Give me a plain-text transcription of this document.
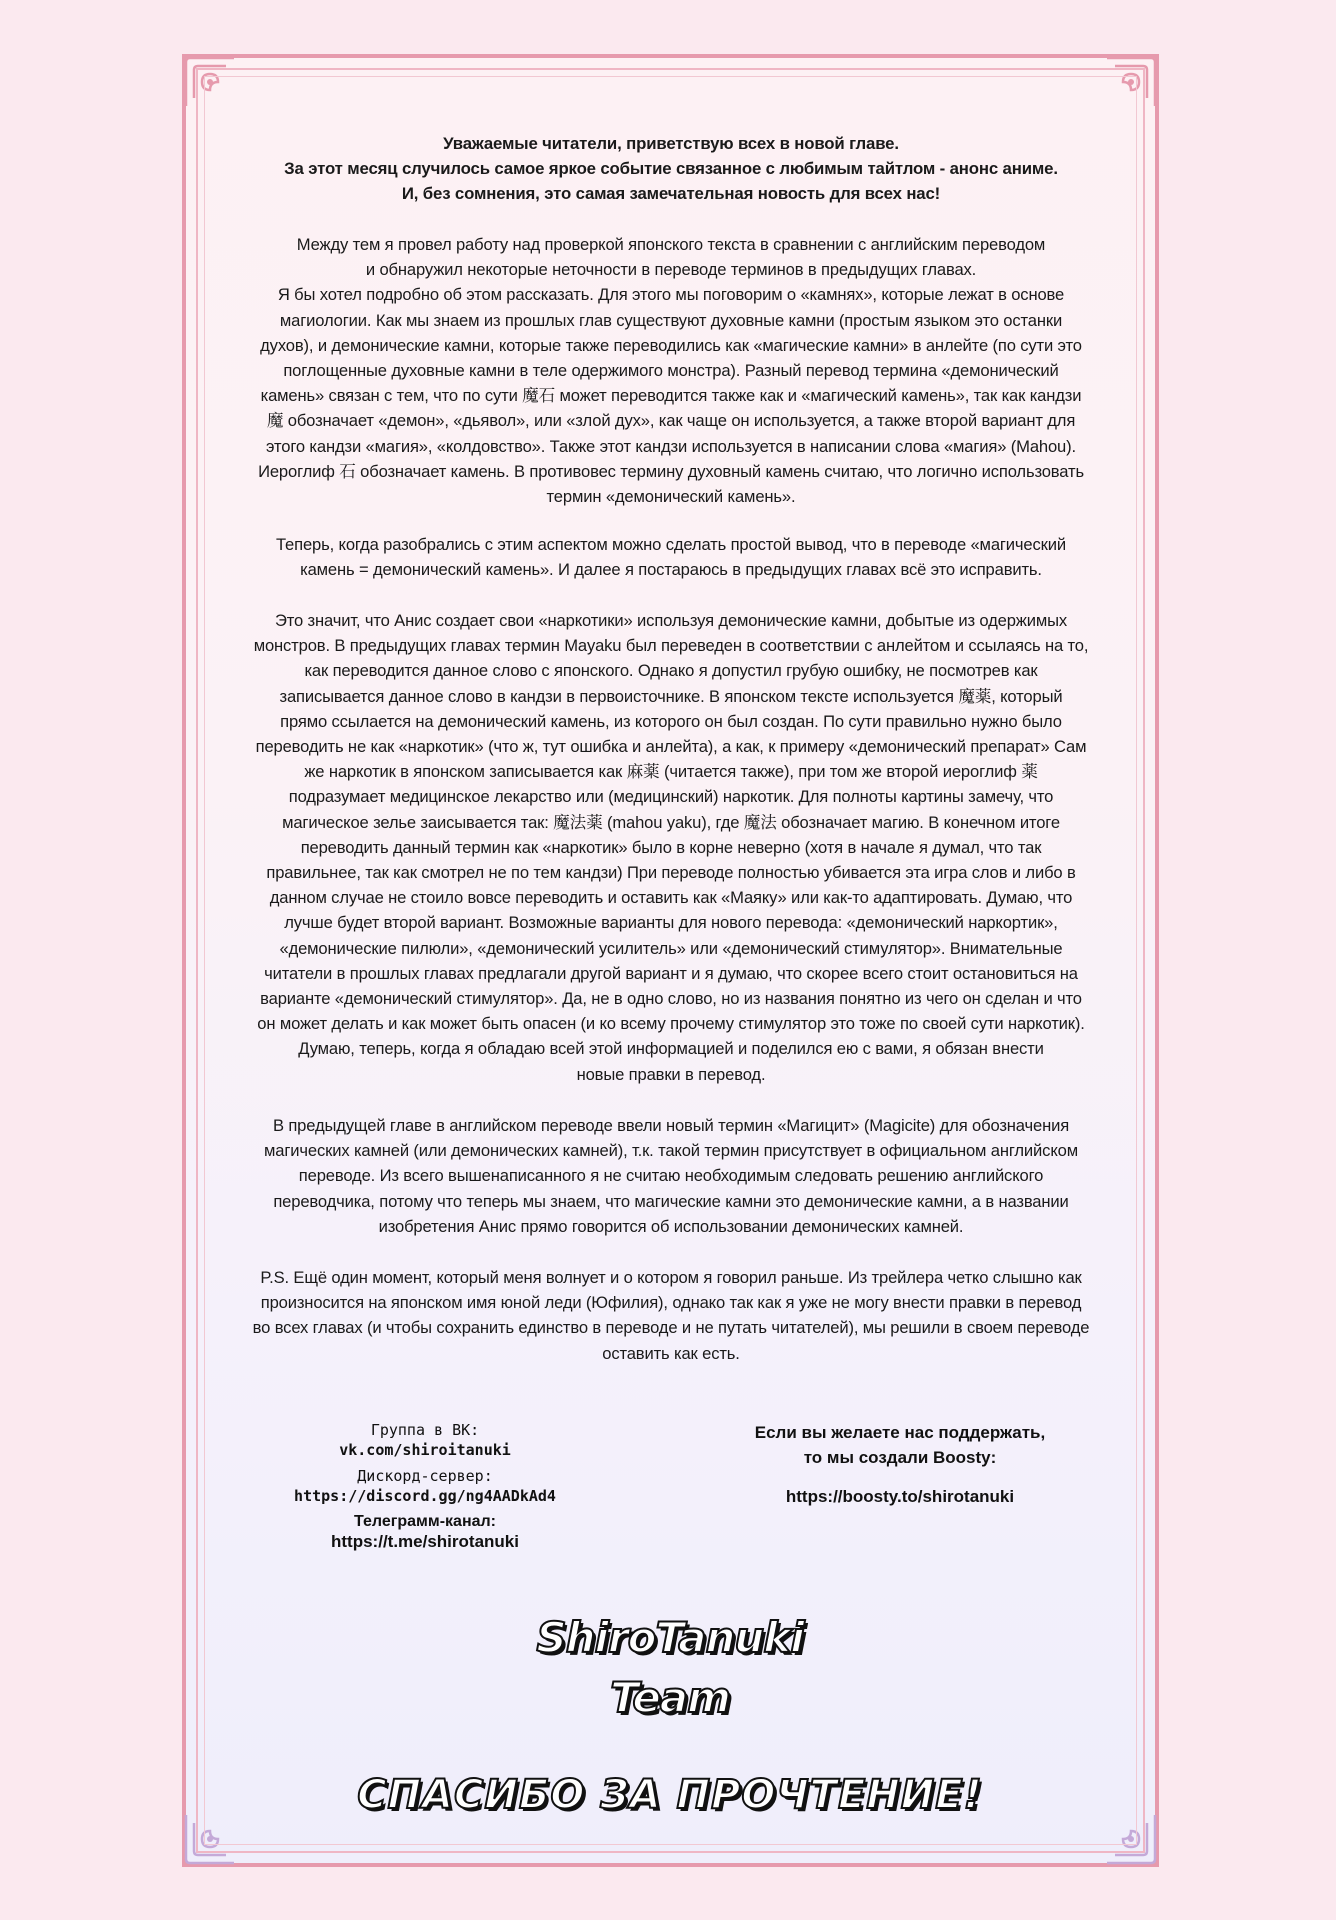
Уважаемые читатели, приветствую всех в новой главе.
За этот месяц случилось самое яркое событие связанное с любимым тайтлом - анонс аниме.
И, без сомнения, это самая замечательная новость для всех нас!
Между тем я провел работу над проверкой японского текста в сравнении с английским переводом
и обнаружил некоторые неточности в переводе терминов в предыдущих главах.
Я бы хотел подробно об этом рассказать. Для этого мы поговорим о «камнях», которые лежат в основе
магиологии. Как мы знаем из прошлых глав существуют духовные камни (простым языком это останки
духов), и демонические камни, которые также переводились как «магические камни» в анлейте (по сути это
поглощенные духовные камни в теле одержимого монстра). Разный перевод термина «демонический
камень» связан с тем, что по сути 魔石 может переводится также как и «магический камень», так как кандзи
魔 обозначает «демон», «дьявол», или «злой дух», как чаще он используется, а также второй вариант для
этого кандзи «магия», «колдовство». Также этот кандзи используется в написании слова «магия» (Mahou).
Иероглиф 石 обозначает камень. В противовес термину духовный камень считаю, что логично использовать
термин «демонический камень».
Теперь, когда разобрались с этим аспектом можно сделать простой вывод, что в переводе «магический
камень = демонический камень». И далее я постараюсь в предыдущих главах всё это исправить.
Это значит, что Анис создает свои «наркотики» используя демонические камни, добытые из одержимых
монстров. В предыдущих главах термин Mayaku был переведен в соответствии с анлейтом и ссылаясь на то,
как переводится данное слово с японского. Однако я допустил грубую ошибку, не посмотрев как
записывается данное слово в кандзи в первоисточнике. В японском тексте используется 魔薬, который
прямо ссылается на демонический камень, из которого он был создан. По сути правильно нужно было
переводить не как «наркотик» (что ж, тут ошибка и анлейта), а как, к примеру «демонический препарат» Сам
же наркотик в японском записывается как 麻薬 (читается также), при том же второй иероглиф 薬
подразумает медицинское лекарство или (медицинский) наркотик. Для полноты картины замечу, что
магическое зелье заисывается так: 魔法薬 (mahou yaku), где 魔法 обозначает магию. В конечном итоге
переводить данный термин как «наркотик» было в корне неверно (хотя в начале я думал, что так
правильнее, так как смотрел не по тем кандзи) При переводе полностью убивается эта игра слов и либо в
данном случае не стоило вовсе переводить и оставить как «Маяку» или как-то адаптировать. Думаю, что
лучше будет второй вариант. Возможные варианты для нового перевода: «демонический наркортик»,
«демонические пилюли», «демонический усилитель» или «демонический стимулятор». Внимательные
читатели в прошлых главах предлагали другой вариант и я думаю, что скорее всего стоит остановиться на
варианте «демонический стимулятор». Да, не в одно слово, но из названия понятно из чего он сделан и что
он может делать и как может быть опасен (и ко всему прочему стимулятор это тоже по своей сути наркотик).
Думаю, теперь, когда я обладаю всей этой информацией и поделился ею с вами, я обязан внести
новые правки в перевод.
В предыдущей главе в английском переводе ввели новый термин «Магицит» (Magicite) для обозначения
магических камней (или демонических камней), т.к. такой термин присутствует в официальном английском
переводе. Из всего вышенаписанного я не считаю необходимым следовать решению английского
переводчика, потому что теперь мы знаем, что магические камни это демонические камни, а в названии
изобретения Анис прямо говорится об использовании демонических камней.
P.S. Ещё один момент, который меня волнует и о котором я говорил раньше. Из трейлера четко слышно как
произносится на японском имя юной леди (Юфилия), однако так как я уже не могу внести правки в перевод
во всех главах (и чтобы сохранить единство в переводе и не путать читателей), мы решили в своем переводе
оставить как есть.
Группа в ВК:
vk.com/shiroitanuki
Дискорд-сервер:
https://discord.gg/ng4AADkAd4
Телеграмм-канал:
https://t.me/shirotanuki
Если вы желаете нас поддержать,
то мы создали Boosty:
https://boosty.to/shirotanuki
ShiroTanuki
Team
СПАСИБО ЗА ПРОЧТЕНИЕ!
